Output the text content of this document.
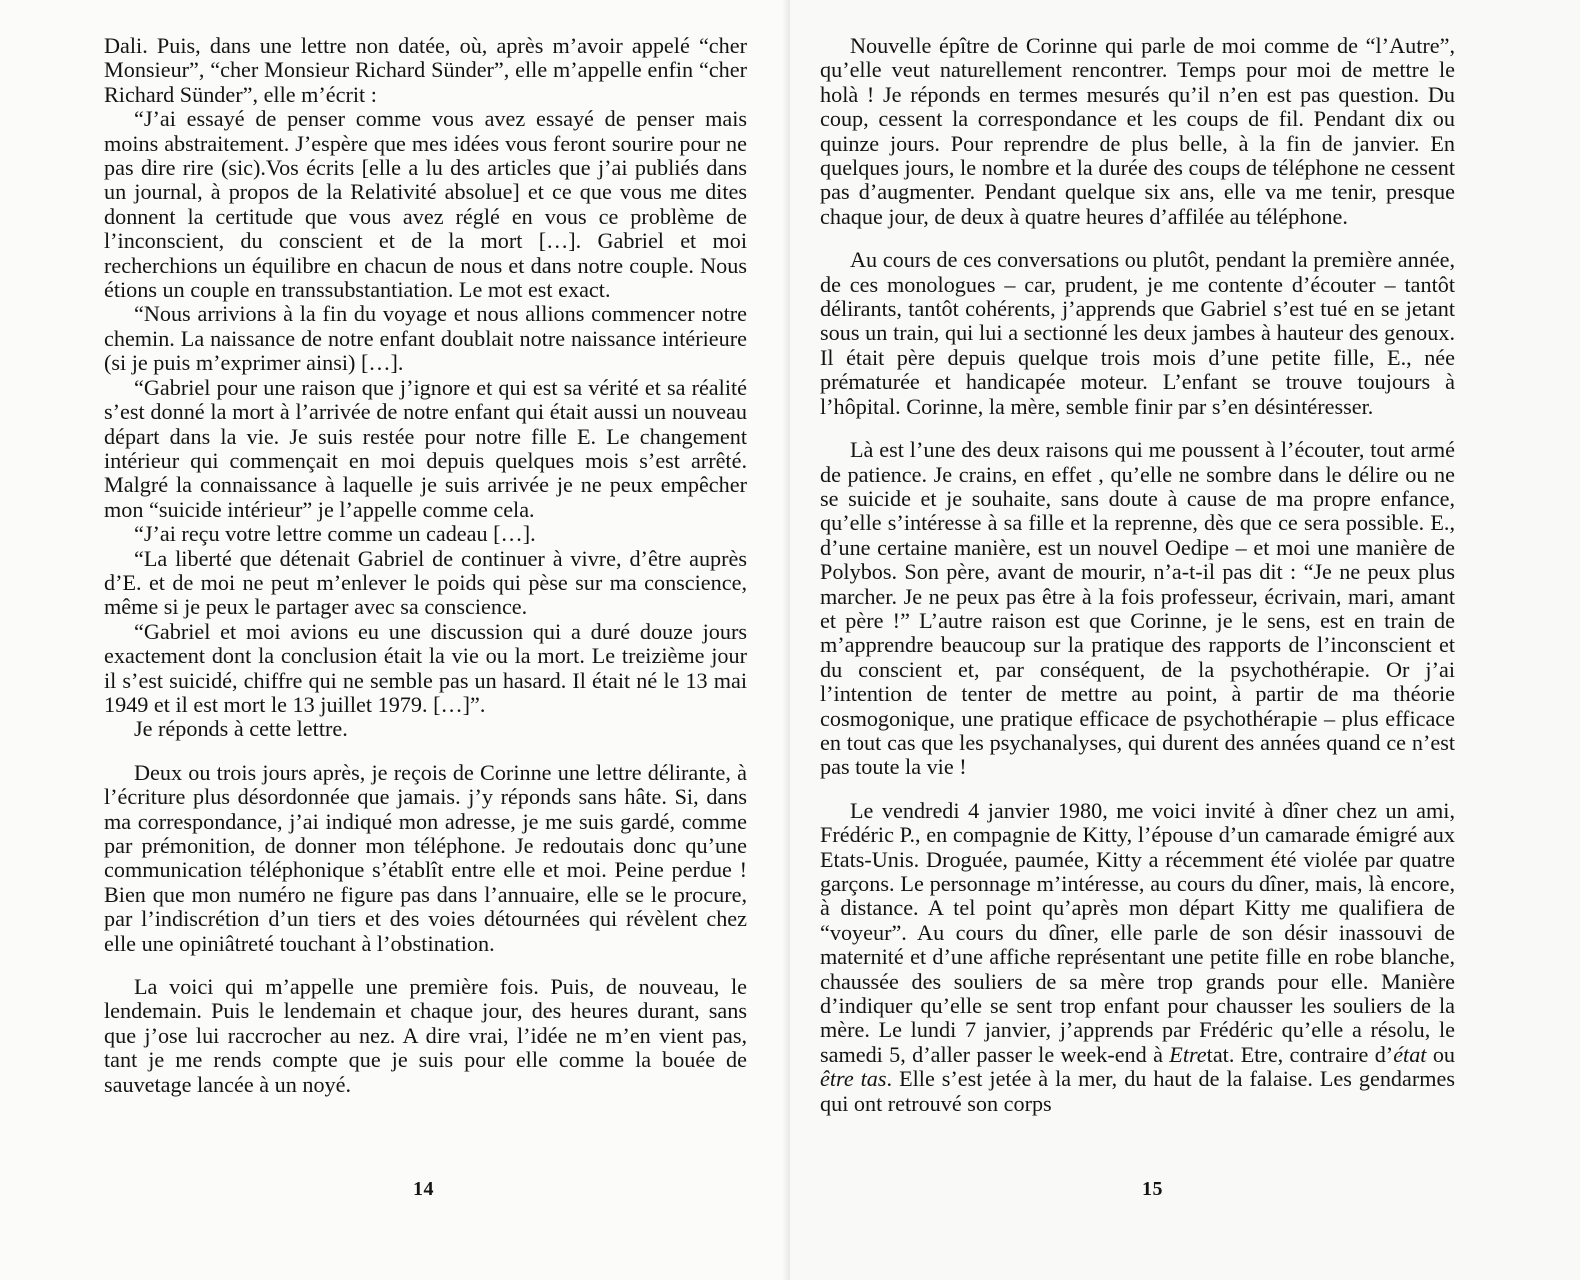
Dali. Puis, dans une lettre non datée, où, après m’avoir appelé “cher Monsieur”, “cher Monsieur Richard Sünder”, elle m’appelle enfin “cher Richard Sünder”, elle m’écrit :

“J’ai essayé de penser comme vous avez essayé de penser mais moins abstraitement. J’espère que mes idées vous feront sourire pour ne pas dire rire (sic).Vos écrits [elle a lu des articles que j’ai publiés dans un journal, à propos de la Relativité absolue] et ce que vous me dites donnent la certitude que vous avez réglé en vous ce problème de l’inconscient, du conscient et de la mort […]. Gabriel et moi recherchions un équilibre en chacun de nous et dans notre couple. Nous étions un couple en transsubstantiation. Le mot est exact.

“Nous arrivions à la fin du voyage et nous allions commencer notre chemin. La naissance de notre enfant doublait notre naissance intérieure (si je puis m’exprimer ainsi) […].

“Gabriel pour une raison que j’ignore et qui est sa vérité et sa réalité s’est donné la mort à l’arrivée de notre enfant qui était aussi un nouveau départ dans la vie. Je suis restée pour notre fille E. Le changement intérieur qui commençait en moi depuis quelques mois s’est arrêté. Malgré la connaissance à laquelle je suis arrivée je ne peux empêcher mon “suicide intérieur” je l’appelle comme cela.

“J’ai reçu votre lettre comme un cadeau […].

“La liberté que détenait Gabriel de continuer à vivre, d’être auprès d’E. et de moi ne peut m’enlever le poids qui pèse sur ma conscience, même si je peux le partager avec sa conscience.

“Gabriel et moi avions eu une discussion qui a duré douze jours exactement dont la conclusion était la vie ou la mort. Le treizième jour il s’est suicidé, chiffre qui ne semble pas un hasard. Il était né le 13 mai 1949 et il est mort le 13 juillet 1979. […]”.

Je réponds à cette lettre.

Deux ou trois jours après, je reçois de Corinne une lettre délirante, à l’écriture plus désordonnée que jamais. j’y réponds sans hâte. Si, dans ma correspondance, j’ai indiqué mon adresse, je me suis gardé, comme par prémonition, de donner mon téléphone. Je redoutais donc qu’une communication téléphonique s’établît entre elle et moi. Peine perdue ! Bien que mon numéro ne figure pas dans l’annuaire, elle se le procure, par l’indiscrétion d’un tiers et des voies détournées qui révèlent chez elle une opiniâtreté touchant à l’obstination.

La voici qui m’appelle une première fois. Puis, de nouveau, le lendemain. Puis le lendemain et chaque jour, des heures durant, sans que j’ose lui raccrocher au nez. A dire vrai, l’idée ne m’en vient pas, tant je me rends compte que je suis pour elle comme la bouée de sauvetage lancée à un noyé.

14

Nouvelle épître de Corinne qui parle de moi comme de “l’Autre”, qu’elle veut naturellement rencontrer. Temps pour moi de mettre le holà ! Je réponds en termes mesurés qu’il n’en est pas question. Du coup, cessent la correspondance et les coups de fil. Pendant dix ou quinze jours. Pour reprendre de plus belle, à la fin de janvier. En quelques jours, le nombre et la durée des coups de téléphone ne cessent pas d’augmenter. Pendant quelque six ans, elle va me tenir, presque chaque jour, de deux à quatre heures d’affilée au téléphone.

Au cours de ces conversations ou plutôt, pendant la première année, de ces monologues – car, prudent, je me contente d’écouter – tantôt délirants, tantôt cohérents, j’apprends que Gabriel s’est tué en se jetant sous un train, qui lui a sectionné les deux jambes à hauteur des genoux. Il était père depuis quelque trois mois d’une petite fille, E., née prématurée et handicapée moteur. L’enfant se trouve toujours à l’hôpital. Corinne, la mère, semble finir par s’en désintéresser.

Là est l’une des deux raisons qui me poussent à l’écouter, tout armé de patience. Je crains, en effet , qu’elle ne sombre dans le délire ou ne se suicide et je souhaite, sans doute à cause de ma propre enfance, qu’elle s’intéresse à sa fille et la reprenne, dès que ce sera possible. E., d’une certaine manière, est un nouvel Oedipe – et moi une manière de Polybos. Son père, avant de mourir, n’a-t-il pas dit : “Je ne peux plus marcher. Je ne peux pas être à la fois professeur, écrivain, mari, amant et père !” L’autre raison est que Corinne, je le sens, est en train de m’apprendre beaucoup sur la pratique des rapports de l’inconscient et du conscient et, par conséquent, de la psychothérapie. Or j’ai l’intention de tenter de mettre au point, à partir de ma théorie cosmogonique, une pratique efficace de psychothérapie – plus efficace en tout cas que les psychanalyses, qui durent des années quand ce n’est pas toute la vie !

Le vendredi 4 janvier 1980, me voici invité à dîner chez un ami, Frédéric P., en compagnie de Kitty, l’épouse d’un camarade émigré aux Etats-Unis. Droguée, paumée, Kitty a récemment été violée par quatre garçons. Le personnage m’intéresse, au cours du dîner, mais, là encore, à distance. A tel point qu’après mon départ Kitty me qualifiera de “voyeur”. Au cours du dîner, elle parle de son désir inassouvi de maternité et d’une affiche représentant une petite fille en robe blanche, chaussée des souliers de sa mère trop grands pour elle. Manière d’indiquer qu’elle se sent trop enfant pour chausser les souliers de la mère. Le lundi 7 janvier, j’apprends par Frédéric qu’elle a résolu, le samedi 5, d’aller passer le week-end à Etretat. Etre, contraire d’état ou être tas. Elle s’est jetée à la mer, du haut de la falaise. Les gendarmes qui ont retrouvé son corps

15
